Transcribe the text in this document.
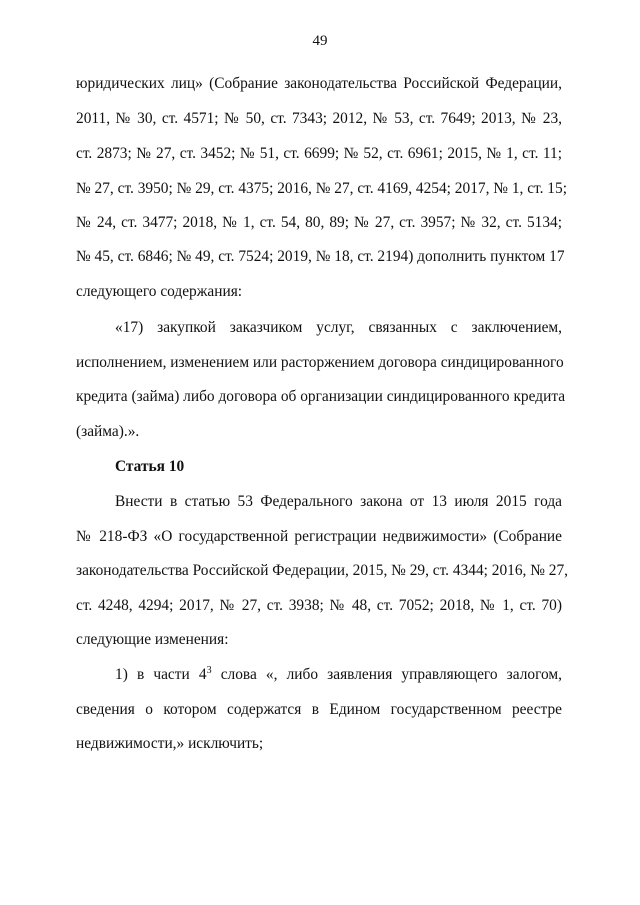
49
юридических лиц» (Собрание законодательства Российской Федерации,
2011, № 30, ст. 4571; № 50, ст. 7343; 2012, № 53, ст. 7649; 2013, № 23,
ст. 2873; № 27, ст. 3452; № 51, ст. 6699; № 52, ст. 6961; 2015, № 1, ст. 11;
№ 27, ст. 3950; № 29, ст. 4375; 2016, № 27, ст. 4169, 4254; 2017, № 1, ст. 15;
№ 24, ст. 3477; 2018, № 1, ст. 54, 80, 89; № 27, ст. 3957; № 32, ст. 5134;
№ 45, ст. 6846; № 49, ст. 7524; 2019, № 18, ст. 2194) дополнить пунктом 17
следующего содержания:
«17) закупкой заказчиком услуг, связанных с заключением,
исполнением, изменением или расторжением договора синдицированного
кредита (займа) либо договора об организации синдицированного кредита
(займа).».
Статья 10
Внести в статью 53 Федерального закона от 13 июля 2015 года
№ 218-ФЗ «О государственной регистрации недвижимости» (Собрание
законодательства Российской Федерации, 2015, № 29, ст. 4344; 2016, № 27,
ст. 4248, 4294; 2017, № 27, ст. 3938; № 48, ст. 7052; 2018, № 1, ст. 70)
следующие изменения:
1) в части $4^3$ слова «, либо заявления управляющего залогом,
сведения о котором содержатся в Едином государственном реестре
недвижимости,» исключить;
